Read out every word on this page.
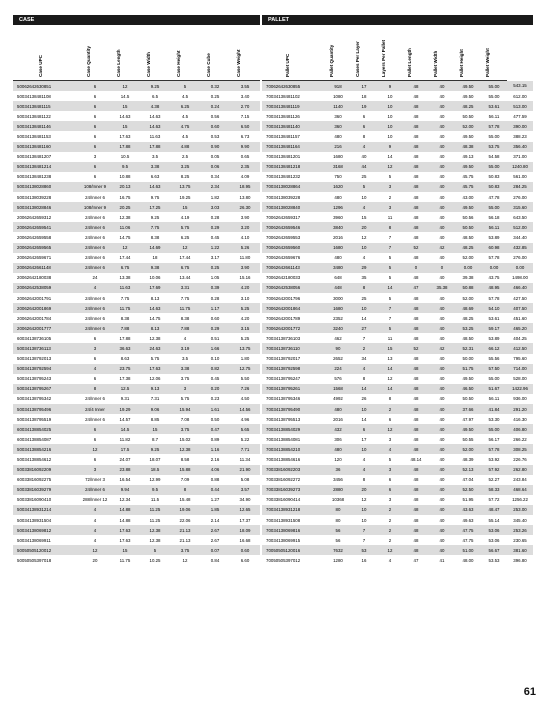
CASE	PALLET
Case UPC	Case Quantity	Case Length	Case Width	Case Height	Case Cube	Case Weight

50062642630851	6	12	9.25	5	0.32	3.55
50034138481108	6	14.5	6.5	4.5	0.25	3.40
50034138481115	6	15	4.38	6.25	0.24	2.70
50034138481122	6	14.63	14.63	4.5	0.56	7.15
50034138481146	6	15	14.63	4.75	0.60	6.50
50034138481153	6	17.63	11.63	4.5	0.53	6.73
50034138481160	6	17.88	17.88	4.88	0.90	9.90
50034138481207	3	10.5	3.5	2.5	0.05	0.65
50034138481214	6	9.5	3.38	3.25	0.06	2.35
50034138481238	6	10.88	6.63	8.25	0.34	4.09
50034138028860	108/Inner 9	20.13	14.63	13.75	2.34	18.95
50034138039228	24/Inner 6	16.75	9.75	19.25	1.82	13.80
50034138028846	108/Inner 9	20.25	17.25	15	3.03	26.30
20062642659312	24/Inner 6	12.38	9.25	4.19	0.28	3.90
20062642659541	24/Inner 6	11.06	7.75	5.75	0.29	3.20
20062642659558	24/Inner 6	14.75	8.38	6.25	0.45	4.10
20062642659565	24/Inner 6	12	14.69	12	1.22	5.26
20062642659671	24/Inner 6	17.44	18	17.44	3.17	11.80
20062642661148	24/Inner 6	6.75	9.38	6.75	0.25	3.90
20062642180038	24	13.38	10.06	13.44	1.05	15.16
20062642538059	4	11.63	17.69	3.31	0.39	4.20
20062642001791	24/Inner 6	7.75	8.13	7.75	0.28	3.10
20062642001869	24/Inner 6	11.75	14.63	11.75	1.17	5.25
20062642001784	24/Inner 6	8.38	14.75	8.38	0.60	4.20
20062642001777	24/Inner 6	7.88	8.13	7.88	0.29	3.15
60034138736105	6	17.88	12.38	4	0.51	5.25
50034138736113	3	36.63	24.63	3.19	1.66	13.75
50034138792013	6	8.63	5.75	3.5	0.10	1.80
50034138792594	4	23.75	17.63	3.38	0.82	12.75
50034138795243	6	17.38	12.06	3.75	0.45	5.50
50034138795267	8	12.5	9.13	3	0.20	7.26
50034138795342	24/Inner 6	9.31	7.31	5.75	0.23	4.50
50034138795496	24/4 Inner	19.29	9.06	15.94	1.61	14.56
50034138795519	24/Inner 6	14.57	8.85	7.08	0.50	4.96
60034138854025	6	14.5	15	3.75	0.47	5.65
60034138854087	6	11.82	8.7	15.02	0.89	5.22
50034138854216	12	17.5	9.25	12.38	1.16	7.71
50034138854612	6	24.07	18.07	8.58	2.16	11.34
50033816092209	3	23.88	18.5	15.88	4.06	21.90
60033816092275	72/Inner 3	16.54	12.99	7.09	0.88	5.08
50033816039279	24/Inner 6	9.94	9.5	8	0.44	3.57
50033816090410	288/Inner 12	12.34	11.5	15.48	1.27	34.90
50034138931214	4	14.88	11.25	19.06	1.85	12.65
50034138931504	4	14.88	11.25	22.06	2.14	17.37
50034138069812	4	17.63	12.38	21.13	2.67	18.09
50034138069911	4	17.63	12.38	21.13	2.67	16.68
50050505120012	12	15	5	3.75	0.07	0.60
50050505397018	20	11.75	10.25	12	0.84	6.60
Pallet UPC	Pallet Quantity	Cases Per Layer	Layers Per Pallet	Pallet Length	Pallet Width	Pallet Height	Pallet Weight	

70062642630855	918	17	9	48	40	49.50	55.00	543.15
70034138481102	1080	18	10	48	40	49.50	55.00	612.00
70034138481119	1140	19	10	48	40	48.25	53.61	513.00
70034138481126	360	6	10	48	40	50.50	56.11	477.59
70034138481140	360	6	10	48	40	52.00	57.78	390.00
70034138481157	480	8	10	48	40	49.50	55.00	388.23
70034138481164	216	4	9	48	40	48.38	53.75	356.40
70034138481201	1680	40	14	48	40	49.13	54.58	371.00
70034138481218	3168	44	12	48	40	49.50	55.00	1240.80
70034138481232	750	25	5	48	40	45.75	50.83	561.00
70034138028864	1620	5	3	48	40	45.75	50.83	284.25
70034138039228	480	10	2	48	40	43.00	47.78	276.00
70034138028840	1296	4	3	48	40	49.50	55.00	315.60
70062642659317	3960	15	11	48	40	50.56	56.18	643.50
70062642659546	3840	20	8	48	40	50.50	56.11	512.00
70062642659553	2016	12	7	48	40	48.50	53.89	344.40
70062642659560	1680	10	7	52	42	48.25	60.98	432.85
70062642659676	480	4	5	48	40	52.00	57.78	276.00
70062642661143	3480	29	5	0	0	0.00	0.00	0.00
70062642180033	648	35	5	48	40	39.38	43.75	1498.00
70062642538056	448	8	14	47	35.38	50.88	48.95	466.40
70062642001796	3000	25	5	48	40	52.00	57.78	427.50
70062642001864	1680	10	7	48	40	48.69	54.10	407.50
70062642001789	2352	14	7	48	40	48.25	53.61	451.60
70062642001772	3240	27	5	48	40	53.25	59.17	465.20
70034138736103	462	7	11	48	40	48.50	53.89	404.25
70034138736110	90	2	15	52	42	52.31	66.12	412.50
70034138792017	2652	34	13	48	40	50.00	55.56	795.60
70034138792598	224	4	14	48	40	51.75	57.50	714.00
70034138795247	576	8	12	48	40	49.50	55.00	528.00
70034138795261	1568	14	14	48	40	46.50	51.67	1422.96
70034138795346	4992	26	8	48	40	50.50	56.11	936.00
70034138795490	480	10	2	48	40	37.66	41.84	291.20
70034138795513	2016	14	6	48	40	47.97	53.30	416.30
70034138854029	432	6	12	48	40	49.50	55.00	406.80
70034138854081	306	17	3	48	40	50.55	56.17	266.22
70034138854210	480	10	4	48	40	52.00	57.78	308.25
70034138854616	120	4	5	48.14	40	48.39	53.92	226.76
70033816092203	36	4	3	48	40	52.13	57.92	262.80
70033816092272	3456	8	6	48	40	47.04	52.27	243.84
70033816039273	2880	20	6	48	40	52.50	58.33	468.64
70033816090414	10368	12	3	48	40	51.95	57.72	1256.22
70034138931218	80	10	2	48	40	43.63	48.47	253.00
70034138931508	80	10	2	48	40	49.63	55.14	345.40
70034138069816	56	7	2	48	40	47.75	53.06	253.26
70034138069915	56	7	2	48	40	47.75	53.06	230.65
70050505120016	7632	53	12	48	40	51.00	56.67	381.60
70050505397012	1280	16	4	47	41	48.00	53.53	396.80
61
